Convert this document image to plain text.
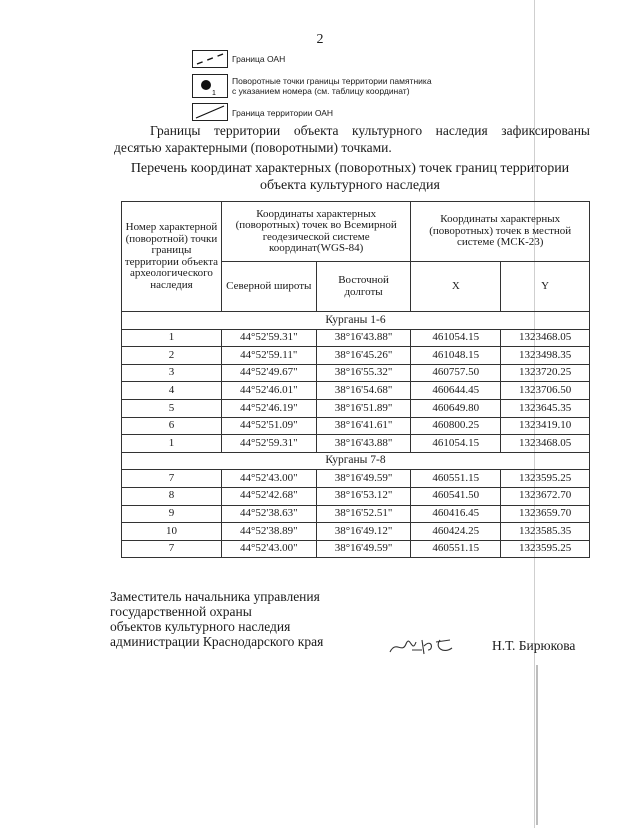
2
Граница ОАН
1
Поворотные точки границы территории памятника
с указанием номера (см. таблицу координат)
Граница территории ОАН

Границы территории объекта культурного наследия зафиксированы десятью характерными (поворотными) точками.

Перечень координат характерных (поворотных) точек границ территории
объекта культурного наследия
Номер характерной (поворотной) точки границы территории объекта археологического наследия	Координаты характерных (поворотных) точек во Всемирной геодезической системе координат(WGS-84)		Координаты характерных (поворотных) точек в местной системе (МСК-23)	
	Северной широты	Восточной долготы	X	Y
Курганы 1-6				
1	44°52'59.31"	38°16'43.88"	461054.15	1323468.05
2	44°52'59.11"	38°16'45.26"	461048.15	1323498.35
3	44°52'49.67"	38°16'55.32"	460757.50	1323720.25
4	44°52'46.01"	38°16'54.68"	460644.45	1323706.50
5	44°52'46.19"	38°16'51.89"	460649.80	1323645.35
6	44°52'51.09"	38°16'41.61"	460800.25	1323419.10
1	44°52'59.31"	38°16'43.88"	461054.15	1323468.05
Курганы 7-8				
7	44°52'43.00"	38°16'49.59"	460551.15	1323595.25
8	44°52'42.68"	38°16'53.12"	460541.50	1323672.70
9	44°52'38.63"	38°16'52.51"	460416.45	1323659.70
10	44°52'38.89"	38°16'49.12"	460424.25	1323585.35
7	44°52'43.00"	38°16'49.59"	460551.15	1323595.25
Заместитель начальника управления
государственной охраны
объектов культурного наследия
администрации Краснодарского края	Н.Т. Бирюкова
